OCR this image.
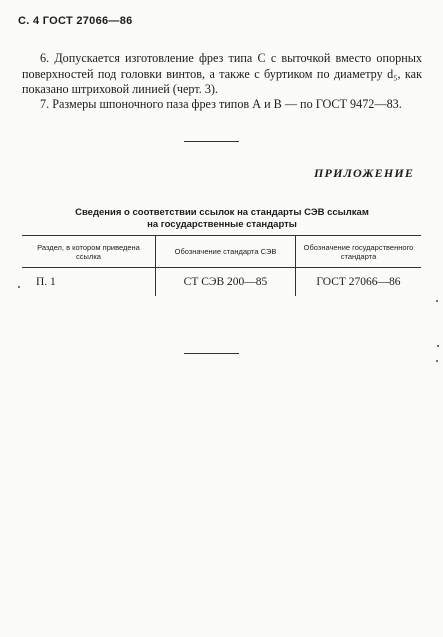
С. 4 ГОСТ 27066—86

6. Допускается изготовление фрез типа С с выточкой вместо опорных поверхностей под головки винтов, а также с буртиком по диаметру d₅, как показано штриховой линией (черт. 3).

7. Размеры шпоночного паза фрез типов А и В — по ГОСТ 9472—83.

ПРИЛОЖЕНИЕ
Сведения о соответствии ссылок на стандарты СЭВ ссылкам
на государственные стандарты
Раздел, в котором приведена ссылка	Обозначение стандарта СЭВ	Обозначение государственного стандарта
П. 1	СТ СЭВ 200—85	ГОСТ 27066—86
